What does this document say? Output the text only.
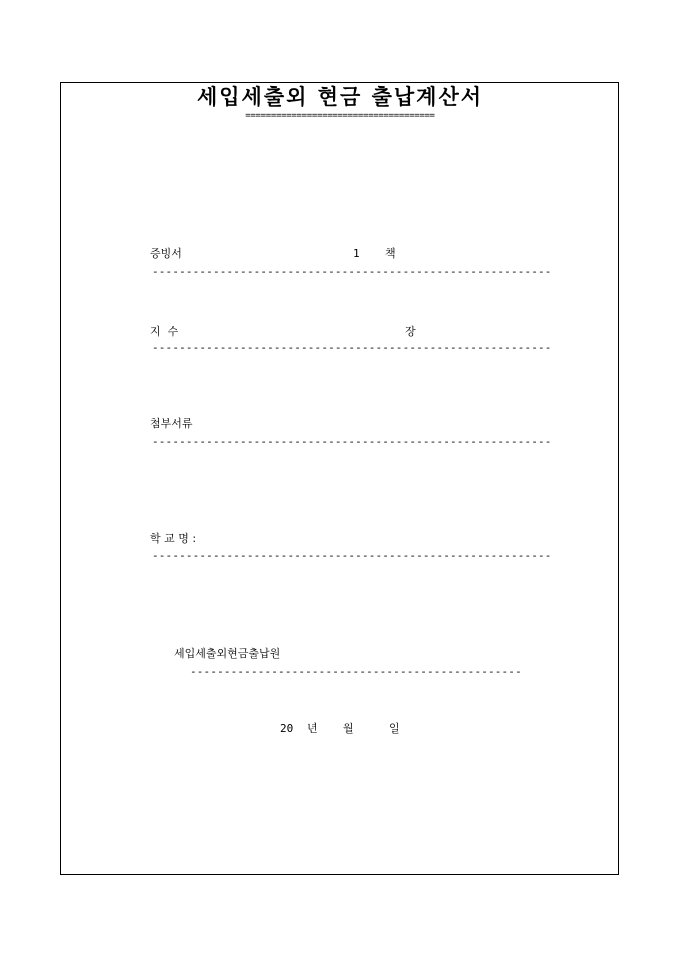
세입세출외 현금 출납계산서
=====================================
증빙서	1 책
-----------------------------------------------------------
지  수	장
-----------------------------------------------------------
첨부서류
-----------------------------------------------------------
학 교 명 :
-----------------------------------------------------------
세입세출외현금출납원
-------------------------------------------------
20 년 월	일
